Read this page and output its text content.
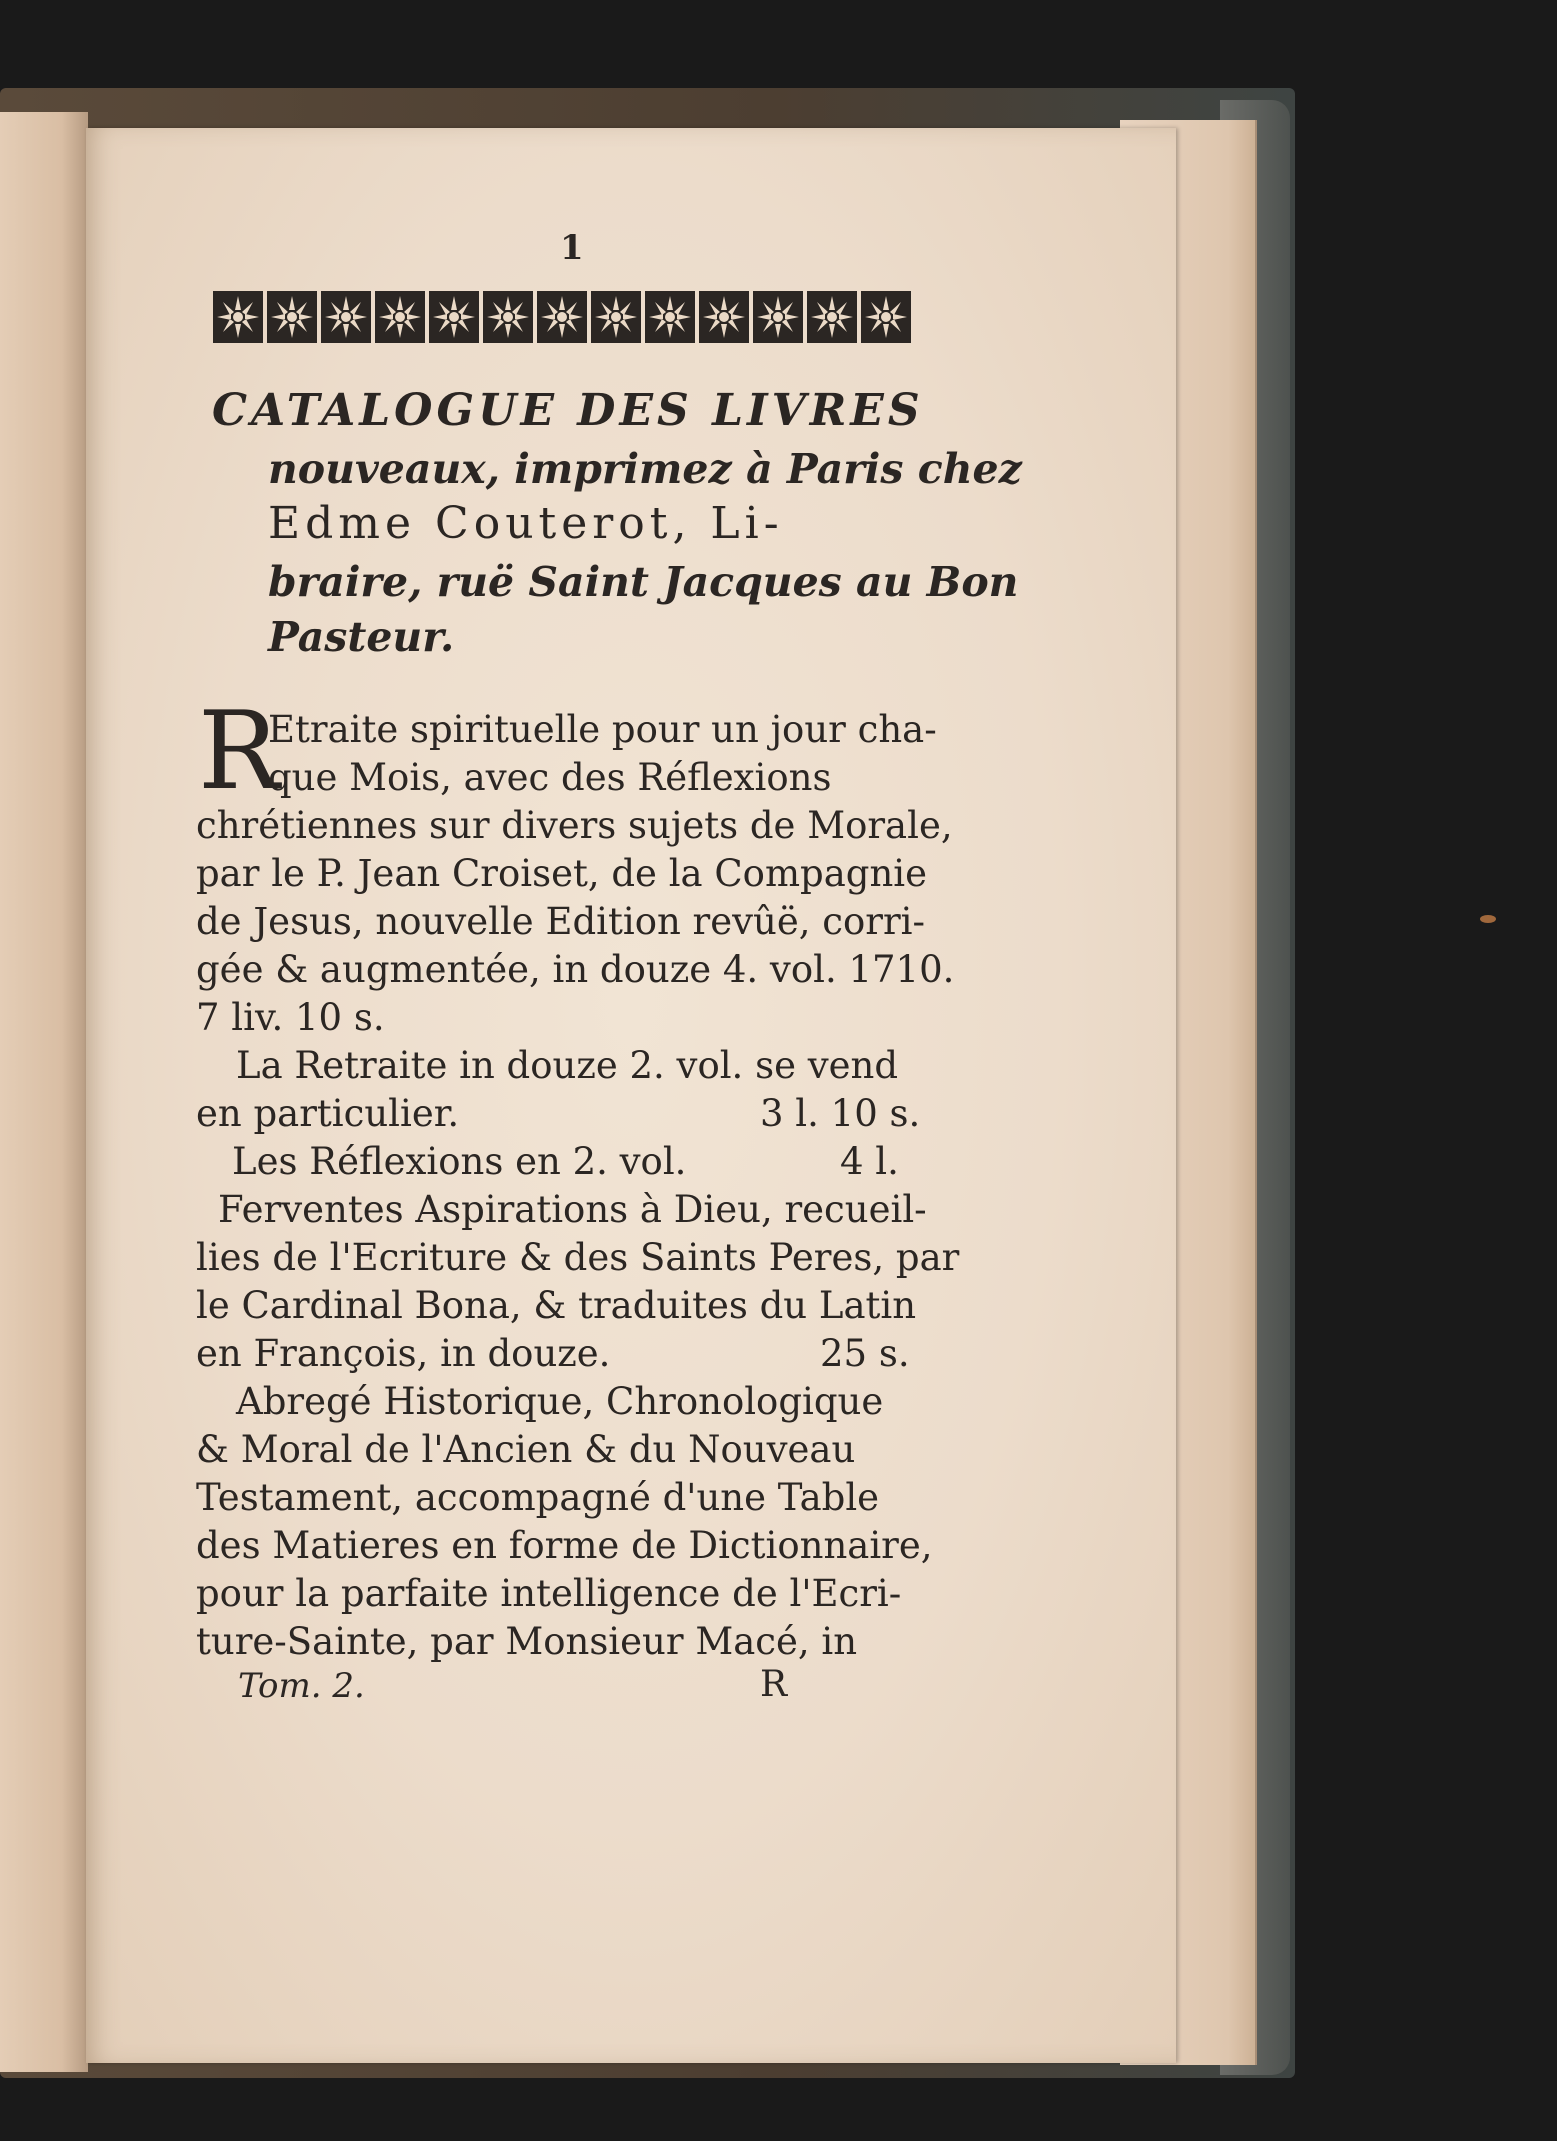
1
CATALOGUE DES LIVRES
nouveaux, imprimez à Paris chez
Edme Couterot, Li-
braire, ruë Saint Jacques au Bon
Pasteur.
R
Etraite spirituelle pour un jour cha-
que Mois, avec des Réflexions
chrétiennes sur divers sujets de Morale,
par le P. Jean Croiset, de la Compagnie
de Jesus, nouvelle Edition revûë, corri-
gée & augmentée, in douze 4. vol. 1710.
7 liv. 10 s.
La Retraite in douze 2. vol. se vend
en particulier.	3 l. 10 s.
Les Réflexions en 2. vol.	4 l.
Ferventes Aspirations à Dieu, recueil-
lies de l'Ecriture & des Saints Peres, par
le Cardinal Bona, & traduites du Latin
en François, in douze.	25 s.
Abregé Historique, Chronologique
& Moral de l'Ancien & du Nouveau
Testament, accompagné d'une Table
des Matieres en forme de Dictionnaire,
pour la parfaite intelligence de l'Ecri-
ture-Sainte, par Monsieur Macé, in
Tom. 2.	R
